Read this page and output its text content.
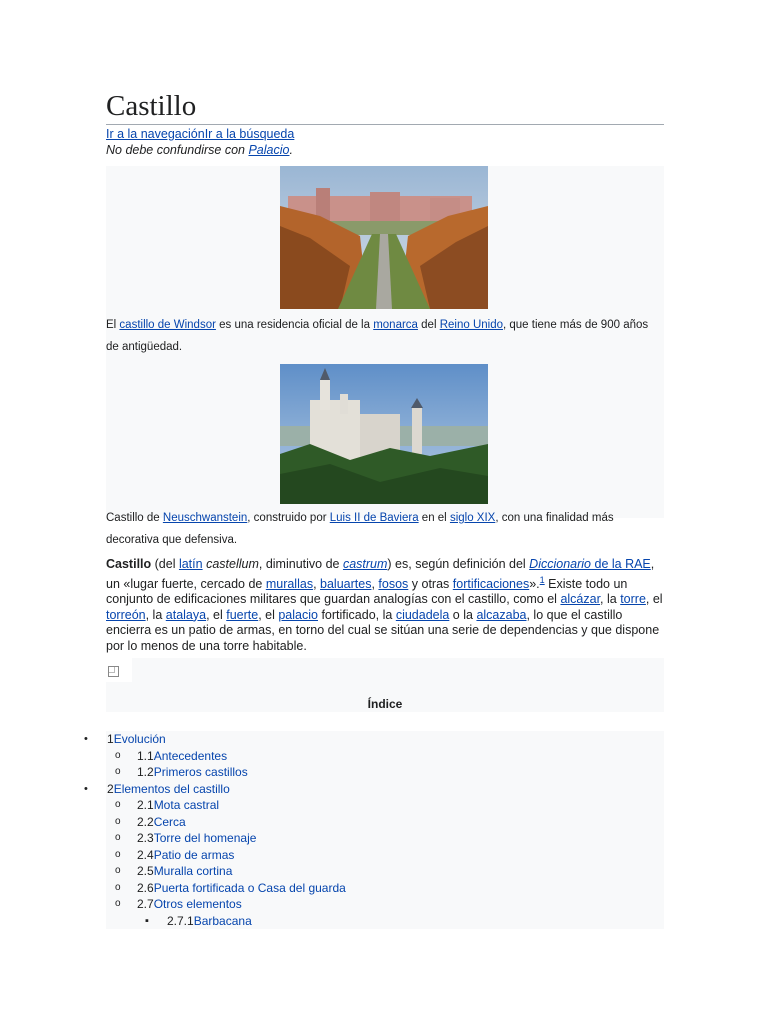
Castillo
Ir a la navegaciónIr a la búsqueda
No debe confundirse con Palacio.
El castillo de Windsor es una residencia oficial de la monarca del Reino Unido, que tiene más de 900 años de antigüedad.
Castillo de Neuschwanstein, construido por Luis II de Baviera en el siglo XIX, con una finalidad más decorativa que defensiva.
Castillo (del latín castellum, diminutivo de castrum) es, según definición del Diccionario de la RAE, un «lugar fuerte, cercado de murallas, baluartes, fosos y otras fortificaciones».$^1$ Existe todo un conjunto de edificaciones militares que guardan analogías con el castillo, como el alcázar, la torre, el torreón, la atalaya, el fuerte, el palacio fortificado, la ciudadela o la alcazaba, lo que el castillo encierra es un patio de armas, en torno del cual se sitúan una serie de dependencias y que dispone por lo menos de una torre habitable.
Índice
• 1Evolución
o 1.1Antecedentes
o 1.2Primeros castillos
• 2Elementos del castillo
o 2.1Mota castral
o 2.2Cerca
o 2.3Torre del homenaje
o 2.4Patio de armas
o 2.5Muralla cortina
o 2.6Puerta fortificada o Casa del guarda
o 2.7Otros elementos
▪ 2.7.1Barbacana
